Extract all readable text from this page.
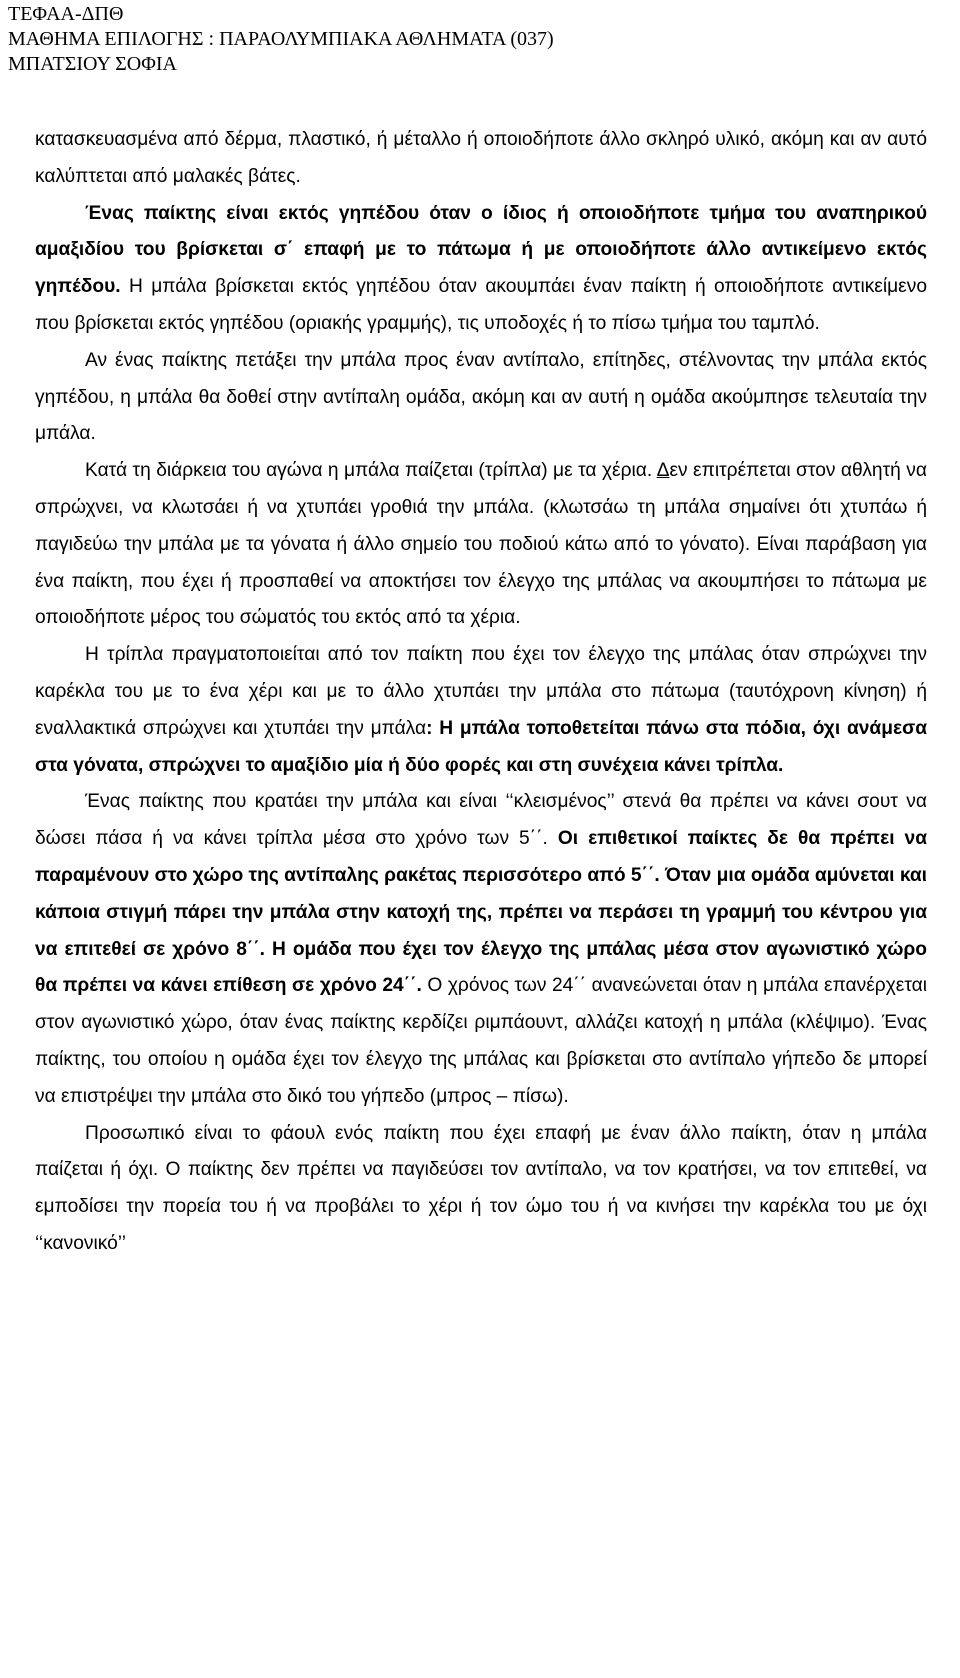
ΤΕΦΑΑ-ΔΠΘ
ΜΑΘΗΜΑ ΕΠΙΛΟΓΗΣ : ΠΑΡΑΟΛΥΜΠΙΑΚΑ ΑΘΛΗΜΑΤΑ (037)
ΜΠΑΤΣΙΟΥ ΣΟΦΙΑ

κατασκευασμένα από δέρμα, πλαστικό, ή μέταλλο ή οποιοδήποτε άλλο σκληρό υλικό, ακόμη και αν αυτό καλύπτεται από μαλακές βάτες.

Ένας παίκτης είναι εκτός γηπέδου όταν ο ίδιος ή οποιοδήποτε τμήμα του αναπηρικού αμαξιδίου του βρίσκεται σ΄ επαφή με το πάτωμα ή με οποιοδήποτε άλλο αντικείμενο εκτός γηπέδου. Η μπάλα βρίσκεται εκτός γηπέδου όταν ακουμπάει έναν παίκτη ή οποιοδήποτε αντικείμενο που βρίσκεται εκτός γηπέδου (οριακής γραμμής), τις υποδοχές ή το πίσω τμήμα του ταμπλό.

Αν ένας παίκτης πετάξει την μπάλα προς έναν αντίπαλο, επίτηδες, στέλνοντας την μπάλα εκτός γηπέδου, η μπάλα θα δοθεί στην αντίπαλη ομάδα, ακόμη και αν αυτή η ομάδα ακούμπησε τελευταία την μπάλα.

Κατά τη διάρκεια του αγώνα η μπάλα παίζεται (τρίπλα) με τα χέρια. Δεν επιτρέπεται στον αθλητή να σπρώχνει, να κλωτσάει ή να χτυπάει γροθιά την μπάλα. (κλωτσάω τη μπάλα σημαίνει ότι χτυπάω ή παγιδεύω την μπάλα με τα γόνατα ή άλλο σημείο του ποδιού κάτω από το γόνατο). Είναι παράβαση για ένα παίκτη, που έχει ή προσπαθεί να αποκτήσει τον έλεγχο της μπάλας να ακουμπήσει το πάτωμα με οποιοδήποτε μέρος του σώματός του εκτός από τα χέρια.

Η τρίπλα πραγματοποιείται από τον παίκτη που έχει τον έλεγχο της μπάλας όταν σπρώχνει την καρέκλα του με το ένα χέρι και με το άλλο χτυπάει την μπάλα στο πάτωμα (ταυτόχρονη κίνηση) ή εναλλακτικά σπρώχνει και χτυπάει την μπάλα: Η μπάλα τοποθετείται πάνω στα πόδια, όχι ανάμεσα στα γόνατα, σπρώχνει το αμαξίδιο μία ή δύο φορές και στη συνέχεια κάνει τρίπλα.

Ένας παίκτης που κρατάει την μπάλα και είναι ‘‘κλεισμένος’’ στενά θα πρέπει να κάνει σουτ να δώσει πάσα ή να κάνει τρίπλα μέσα στο χρόνο των 5΄΄. Οι επιθετικοί παίκτες δε θα πρέπει να παραμένουν στο χώρο της αντίπαλης ρακέτας περισσότερο από 5΄΄. Όταν μια ομάδα αμύνεται και κάποια στιγμή πάρει την μπάλα στην κατοχή της, πρέπει να περάσει τη γραμμή του κέντρου για να επιτεθεί σε χρόνο 8΄΄. Η ομάδα που έχει τον έλεγχο της μπάλας μέσα στον αγωνιστικό χώρο θα πρέπει να κάνει επίθεση σε χρόνο 24΄΄. Ο χρόνος των 24΄΄ ανανεώνεται όταν η μπάλα επανέρχεται στον αγωνιστικό χώρο, όταν ένας παίκτης κερδίζει ριμπάουντ, αλλάζει κατοχή η μπάλα (κλέψιμο). Ένας παίκτης, του οποίου η ομάδα έχει τον έλεγχο της μπάλας και βρίσκεται στο αντίπαλο γήπεδο δε μπορεί να επιστρέψει την μπάλα στο δικό του γήπεδο (μπρος – πίσω).

Προσωπικό είναι το φάουλ ενός παίκτη που έχει επαφή με έναν άλλο παίκτη, όταν η μπάλα παίζεται ή όχι. Ο παίκτης δεν πρέπει να παγιδεύσει τον αντίπαλο, να τον κρατήσει, να τον επιτεθεί, να εμποδίσει την πορεία του ή να προβάλει το χέρι ή τον ώμο του ή να κινήσει την καρέκλα του με όχι ‘‘κανονικό’’
